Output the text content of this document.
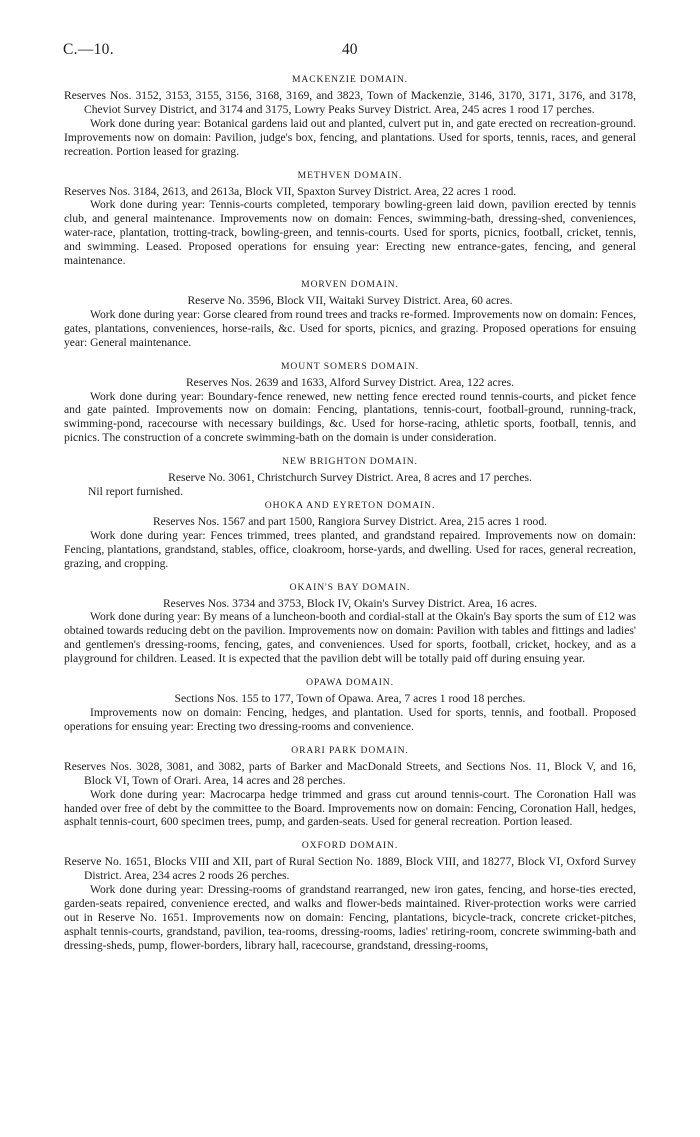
C.—10.	40
MACKENZIE DOMAIN.

Reserves Nos. 3152, 3153, 3155, 3156, 3168, 3169, and 3823, Town of Mackenzie, 3146, 3170, 3171, 3176, and 3178, Cheviot Survey District, and 3174 and 3175, Lowry Peaks Survey District. Area, 245 acres 1 rood 17 perches.

Work done during year: Botanical gardens laid out and planted, culvert put in, and gate erected on recreation-ground. Improvements now on domain: Pavilion, judge's box, fencing, and plantations. Used for sports, tennis, races, and general recreation. Portion leased for grazing.

METHVEN DOMAIN.

Reserves Nos. 3184, 2613, and 2613a, Block VII, Spaxton Survey District. Area, 22 acres 1 rood.

Work done during year: Tennis-courts completed, temporary bowling-green laid down, pavilion erected by tennis club, and general maintenance. Improvements now on domain: Fences, swimming-bath, dressing-shed, conveniences, water-race, plantation, trotting-track, bowling-green, and tennis-courts. Used for sports, picnics, football, cricket, tennis, and swimming. Leased. Proposed operations for ensuing year: Erecting new entrance-gates, fencing, and general maintenance.

MORVEN DOMAIN.

Reserve No. 3596, Block VII, Waitaki Survey District. Area, 60 acres.

Work done during year: Gorse cleared from round trees and tracks re-formed. Improvements now on domain: Fences, gates, plantations, conveniences, horse-rails, &c. Used for sports, picnics, and grazing. Proposed operations for ensuing year: General maintenance.

MOUNT SOMERS DOMAIN.

Reserves Nos. 2639 and 1633, Alford Survey District. Area, 122 acres.

Work done during year: Boundary-fence renewed, new netting fence erected round tennis-courts, and picket fence and gate painted. Improvements now on domain: Fencing, plantations, tennis-court, football-ground, running-track, swimming-pond, racecourse with necessary buildings, &c. Used for horse-racing, athletic sports, football, tennis, and picnics. The construction of a concrete swimming-bath on the domain is under consideration.

NEW BRIGHTON DOMAIN.

Reserve No. 3061, Christchurch Survey District. Area, 8 acres and 17 perches.

Nil report furnished.

OHOKA AND EYRETON DOMAIN.

Reserves Nos. 1567 and part 1500, Rangiora Survey District. Area, 215 acres 1 rood.

Work done during year: Fences trimmed, trees planted, and grandstand repaired. Improvements now on domain: Fencing, plantations, grandstand, stables, office, cloakroom, horse-yards, and dwelling. Used for races, general recreation, grazing, and cropping.

OKAIN'S BAY DOMAIN.

Reserves Nos. 3734 and 3753, Block IV, Okain's Survey District. Area, 16 acres.

Work done during year: By means of a luncheon-booth and cordial-stall at the Okain's Bay sports the sum of £12 was obtained towards reducing debt on the pavilion. Improvements now on domain: Pavilion with tables and fittings and ladies' and gentlemen's dressing-rooms, fencing, gates, and conveniences. Used for sports, football, cricket, hockey, and as a playground for children. Leased. It is expected that the pavilion debt will be totally paid off during ensuing year.

OPAWA DOMAIN.

Sections Nos. 155 to 177, Town of Opawa. Area, 7 acres 1 rood 18 perches.

Improvements now on domain: Fencing, hedges, and plantation. Used for sports, tennis, and football. Proposed operations for ensuing year: Erecting two dressing-rooms and convenience.

ORARI PARK DOMAIN.

Reserves Nos. 3028, 3081, and 3082, parts of Barker and MacDonald Streets, and Sections Nos. 11, Block V, and 16, Block VI, Town of Orari. Area, 14 acres and 28 perches.

Work done during year: Macrocarpa hedge trimmed and grass cut around tennis-court. The Coronation Hall was handed over free of debt by the committee to the Board. Improvements now on domain: Fencing, Coronation Hall, hedges, asphalt tennis-court, 600 specimen trees, pump, and garden-seats. Used for general recreation. Portion leased.

OXFORD DOMAIN.

Reserve No. 1651, Blocks VIII and XII, part of Rural Section No. 1889, Block VIII, and 18277, Block VI, Oxford Survey District. Area, 234 acres 2 roods 26 perches.

Work done during year: Dressing-rooms of grandstand rearranged, new iron gates, fencing, and horse-ties erected, garden-seats repaired, convenience erected, and walks and flower-beds maintained. River-protection works were carried out in Reserve No. 1651. Improvements now on domain: Fencing, plantations, bicycle-track, concrete cricket-pitches, asphalt tennis-courts, grandstand, pavilion, tea-rooms, dressing-rooms, ladies' retiring-room, concrete swimming-bath and dressing-sheds, pump, flower-borders, library hall, racecourse, grandstand, dressing-rooms,
